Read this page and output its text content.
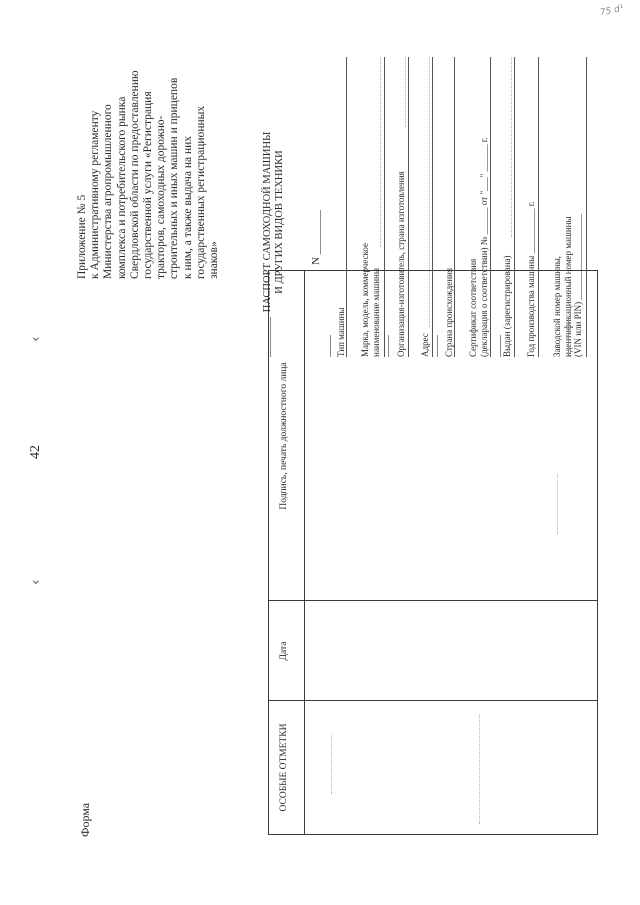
75 d¹
‹
‹
42
Форма
ОСОБЫЕ ОТМЕТКИ
Дата
Подпись, печать должностного лица
Приложение № 5 к Административному регламенту Министерства агропромышленного комплекса и потребительского рынка Свердловской области по предоставлению государственной услуги «Регистрация тракторов, самоходных дорожно- строительных и иных машин и прицепов к ним, а также выдача на них государственных регистрационных знаков»	ПАСПОРТ САМОХОДНОЙ МАШИНЫ И ДРУГИХ ВИДОВ ТЕХНИКИ N ________
Тип машины Марка, модель, коммерческое наименование машины Организация-изготовитель, страна изготовления Адрес Страна происхождения Сертификат соответствия (декларация о соответствии) № ______ от "___" ______ г. Выдан (зарегистрирована) Год производства машины __________ г. Заводской номер машины, идентификационный номер машины (VIN или PIN) ___________________
